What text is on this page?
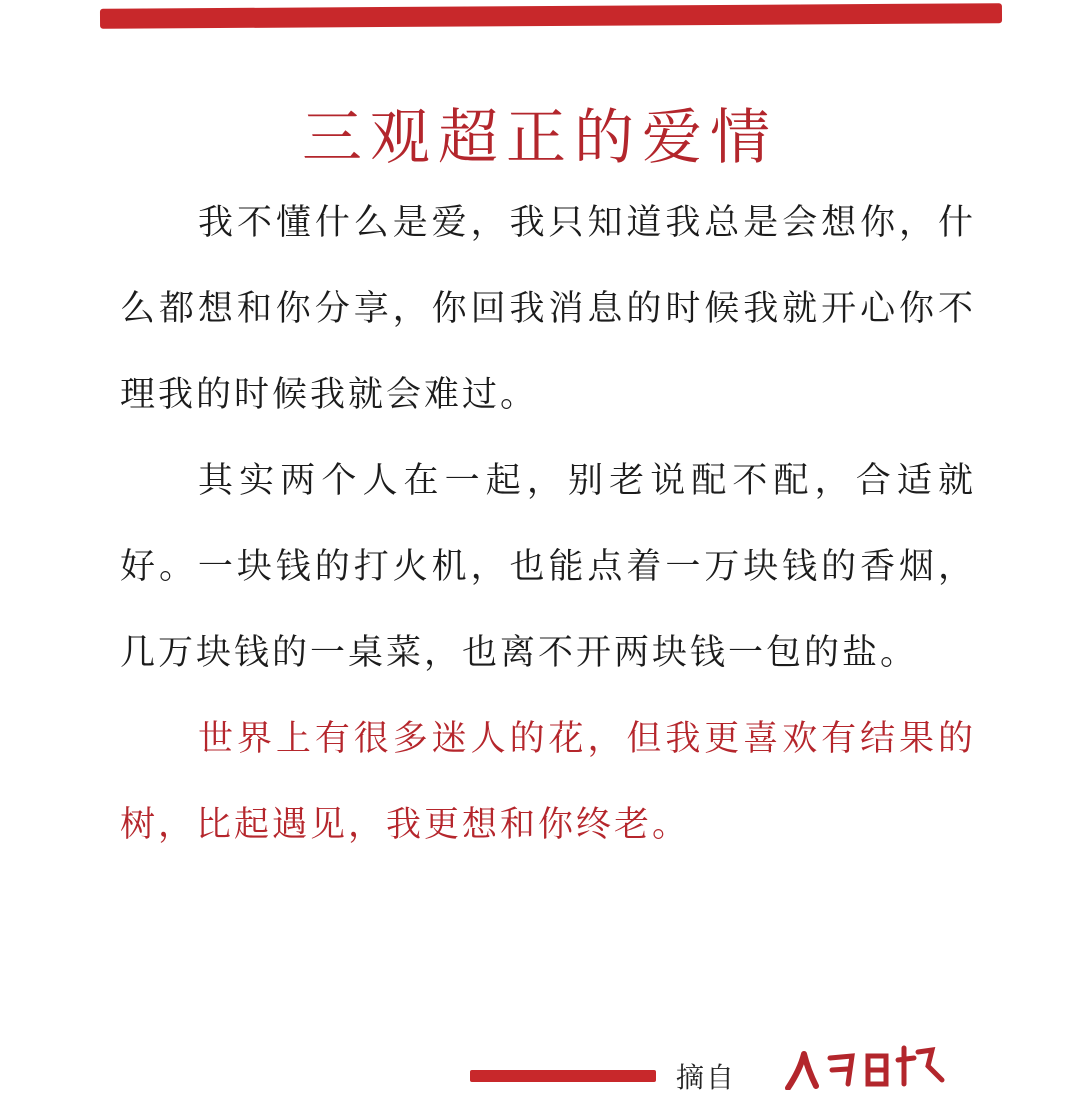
三观超正的爱情

我不懂什么是爱，我只知道我总是会想你，什么都想和你分享，你回我消息的时候我就开心你不理我的时候我就会难过。

其实两个人在一起，别老说配不配，合适就好。一块钱的打火机，也能点着一万块钱的香烟，几万块钱的一桌菜，也离不开两块钱一包的盐。

世界上有很多迷人的花，但我更喜欢有结果的树，比起遇见，我更想和你终老。

摘自
